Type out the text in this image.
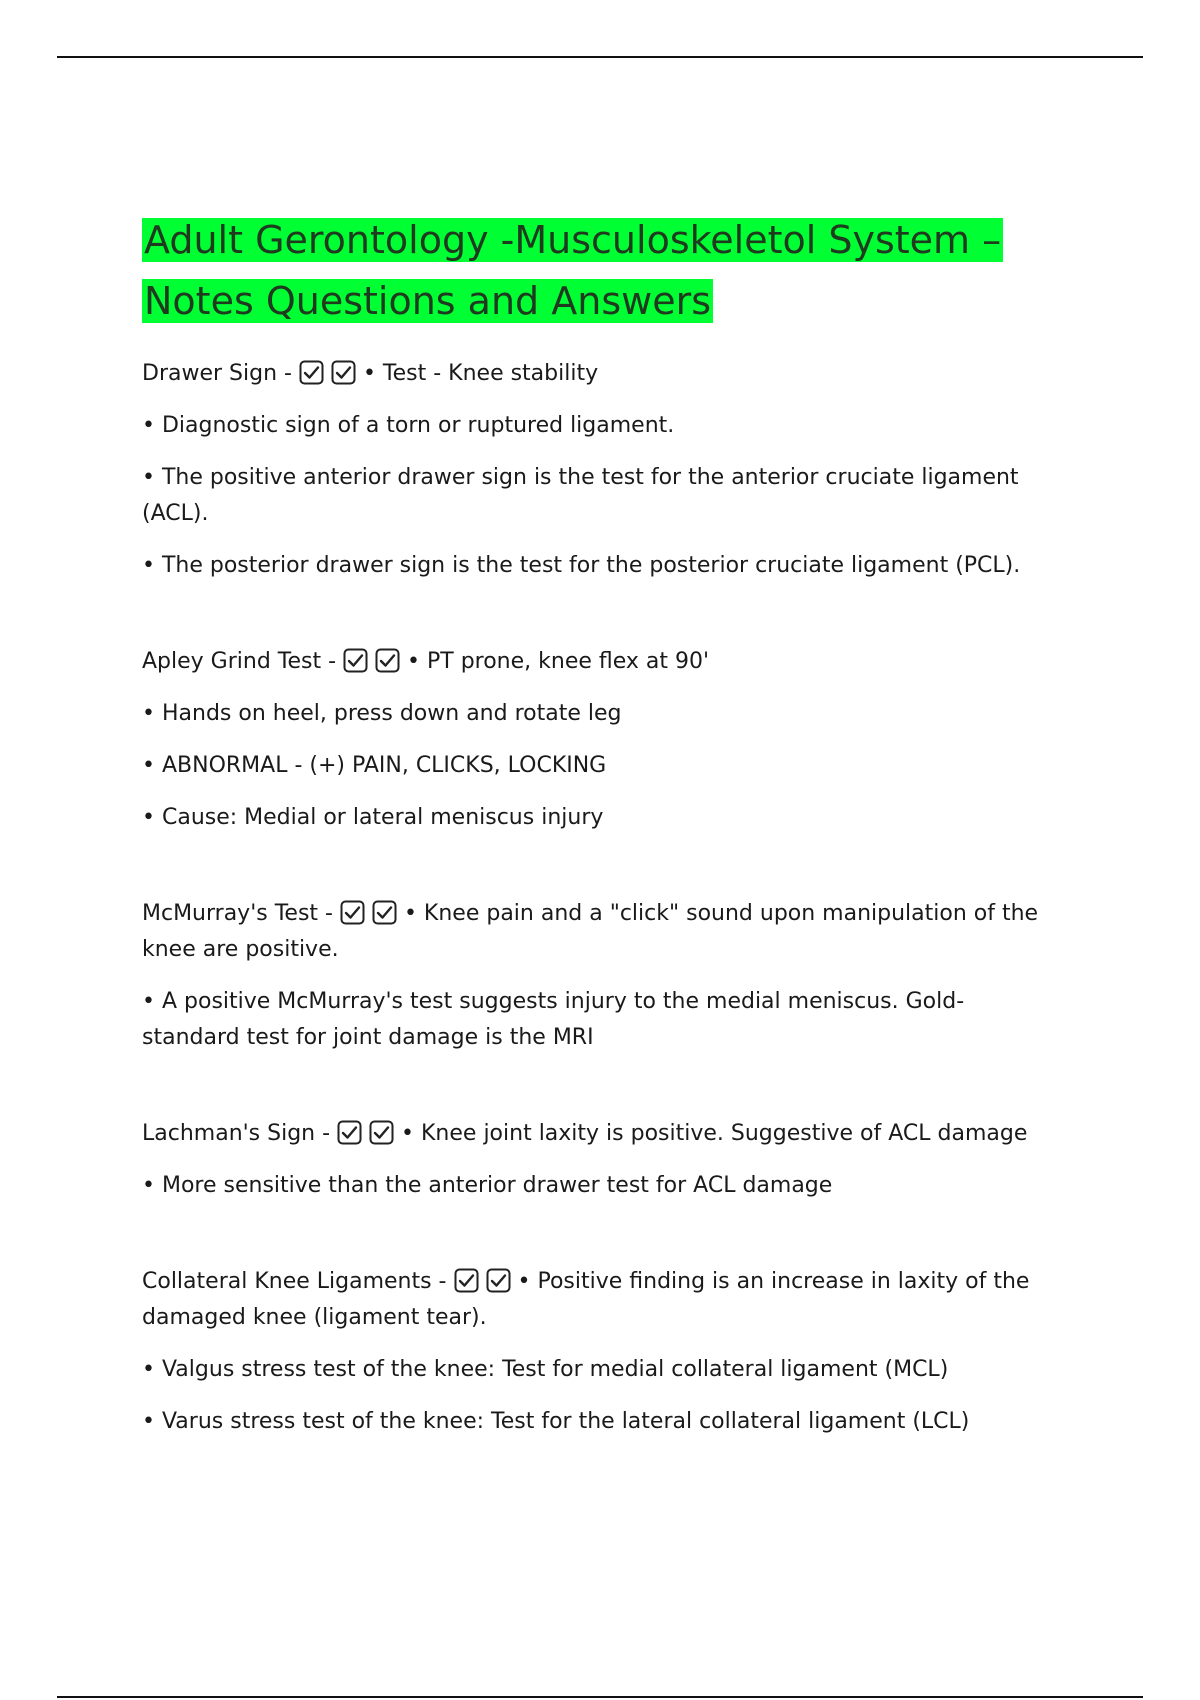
Adult Gerontology -Musculoskeletol System –
Notes Questions and Answers

Drawer Sign -
	• Test - Knee stability

• Diagnostic sign of a torn or ruptured ligament.

• The positive anterior drawer sign is the test for the anterior cruciate ligament (ACL).

• The posterior drawer sign is the test for the posterior cruciate ligament (PCL).

Apley Grind Test -
	• PT prone, knee flex at 90'

• Hands on heel, press down and rotate leg

• ABNORMAL - (+) PAIN, CLICKS, LOCKING

• Cause: Medial or lateral meniscus injury

McMurray's Test -
	• Knee pain and a "click" sound upon manipulation of the knee are positive.

• A positive McMurray's test suggests injury to the medial meniscus. Gold-standard test for joint damage is the MRI

Lachman's Sign -
	• Knee joint laxity is positive. Suggestive of ACL damage

• More sensitive than the anterior drawer test for ACL damage

Collateral Knee Ligaments -
	• Positive finding is an increase in laxity of the damaged knee (ligament tear).

• Valgus stress test of the knee: Test for medial collateral ligament (MCL)

• Varus stress test of the knee: Test for the lateral collateral ligament (LCL)
